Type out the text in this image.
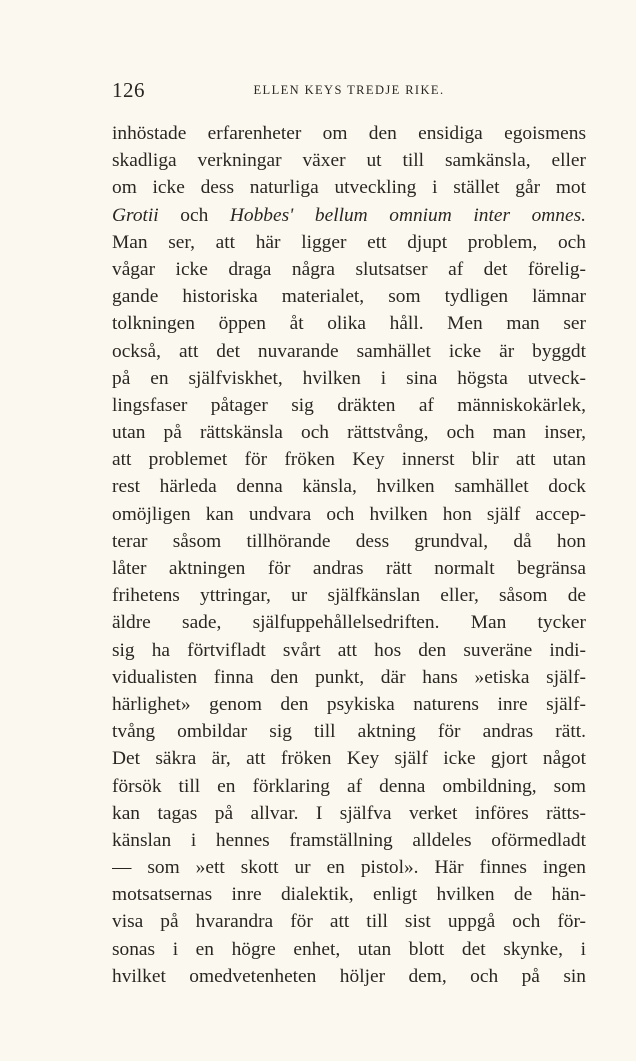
126	ELLEN KEYS TREDJE RIKE.
inhöstade erfarenheter om den ensidiga egoismens
skadliga verkningar växer ut till samkänsla, eller
om icke dess naturliga utveckling i stället går mot
Grotii och Hobbes' bellum omnium inter omnes.
Man ser, att här ligger ett djupt problem, och
vågar icke draga några slutsatser af det förelig-
gande historiska materialet, som tydligen lämnar
tolkningen öppen åt olika håll. Men man ser
också, att det nuvarande samhället icke är byggdt
på en själfviskhet, hvilken i sina högsta utveck-
lingsfaser påtager sig dräkten af människokärlek,
utan på rättskänsla och rättstvång, och man inser,
att problemet för fröken Key innerst blir att utan
rest härleda denna känsla, hvilken samhället dock
omöjligen kan undvara och hvilken hon själf accep-
terar såsom tillhörande dess grundval, då hon
låter aktningen för andras rätt normalt begränsa
frihetens yttringar, ur själfkänslan eller, såsom de
äldre sade, själfuppehållelsedriften. Man tycker
sig ha förtvifladt svårt att hos den suveräne indi-
vidualisten finna den punkt, där hans »etiska själf-
härlighet» genom den psykiska naturens inre själf-
tvång ombildar sig till aktning för andras rätt.
Det säkra är, att fröken Key själf icke gjort något
försök till en förklaring af denna ombildning, som
kan tagas på allvar. I själfva verket införes rätts-
känslan i hennes framställning alldeles oförmedladt
— som »ett skott ur en pistol». Här finnes ingen
motsatsernas inre dialektik, enligt hvilken de hän-
visa på hvarandra för att till sist uppgå och för-
sonas i en högre enhet, utan blott det skynke, i
hvilket omedvetenheten höljer dem, och på sin
